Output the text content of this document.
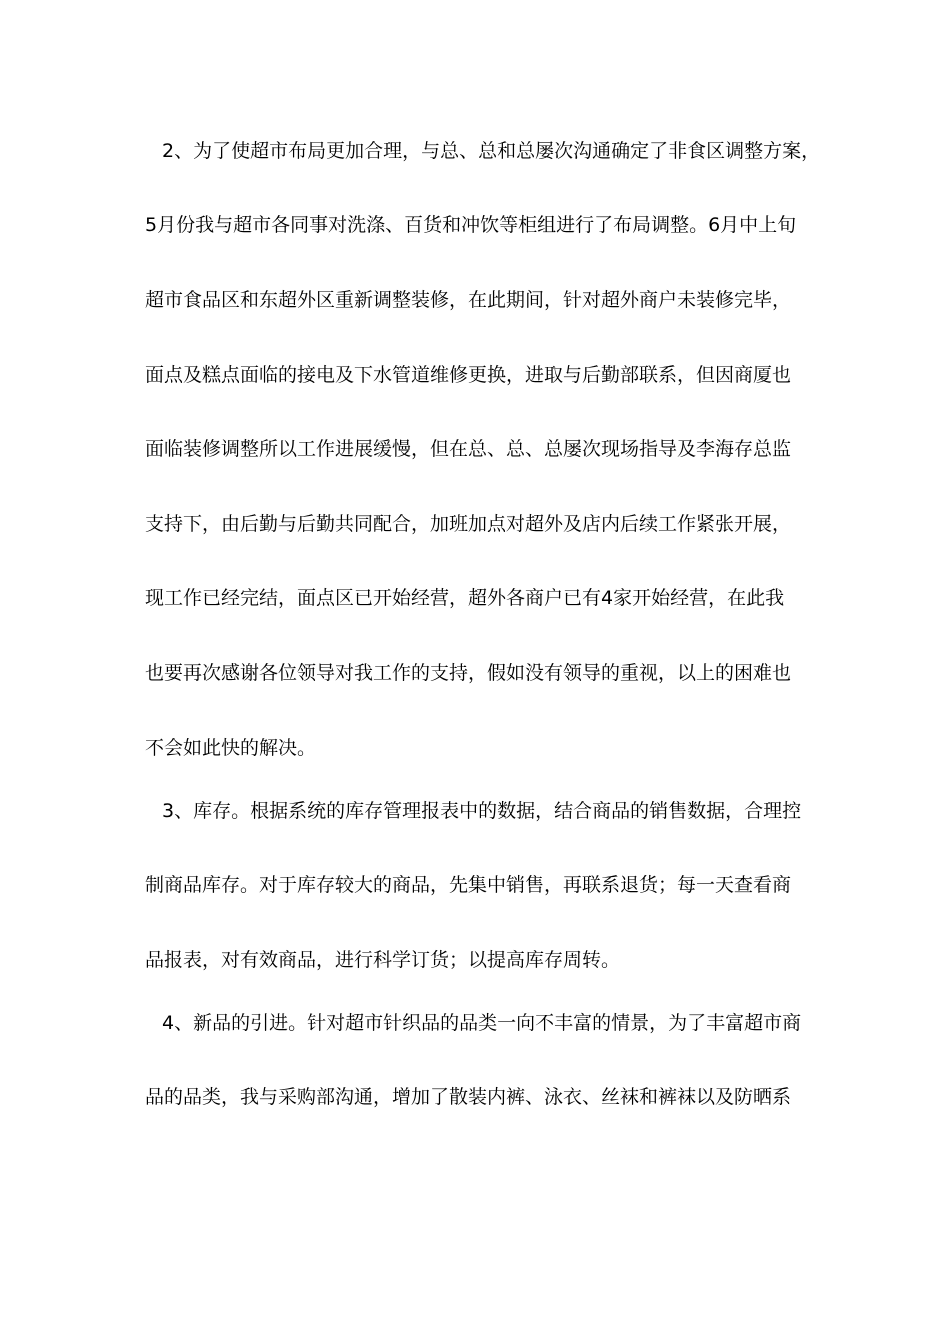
2、为了使超市布局更加合理，与总、总和总屡次沟通确定了非食区调整方案，
5月份我与超市各同事对洗涤、百货和冲饮等柜组进行了布局调整。6月中上旬
超市食品区和东超外区重新调整装修，在此期间，针对超外商户未装修完毕，
面点及糕点面临的接电及下水管道维修更换，进取与后勤部联系，但因商厦也
面临装修调整所以工作进展缓慢，但在总、总、总屡次现场指导及李海存总监
支持下，由后勤与后勤共同配合，加班加点对超外及店内后续工作紧张开展，
现工作已经完结，面点区已开始经营，超外各商户已有4家开始经营，在此我
也要再次感谢各位领导对我工作的支持，假如没有领导的重视，以上的困难也
不会如此快的解决。
3、库存。根据系统的库存管理报表中的数据，结合商品的销售数据，合理控
制商品库存。对于库存较大的商品，先集中销售，再联系退货；每一天查看商
品报表，对有效商品，进行科学订货；以提高库存周转。
4、新品的引进。针对超市针织品的品类一向不丰富的情景，为了丰富超市商
品的品类，我与采购部沟通，增加了散装内裤、泳衣、丝袜和裤袜以及防晒系
